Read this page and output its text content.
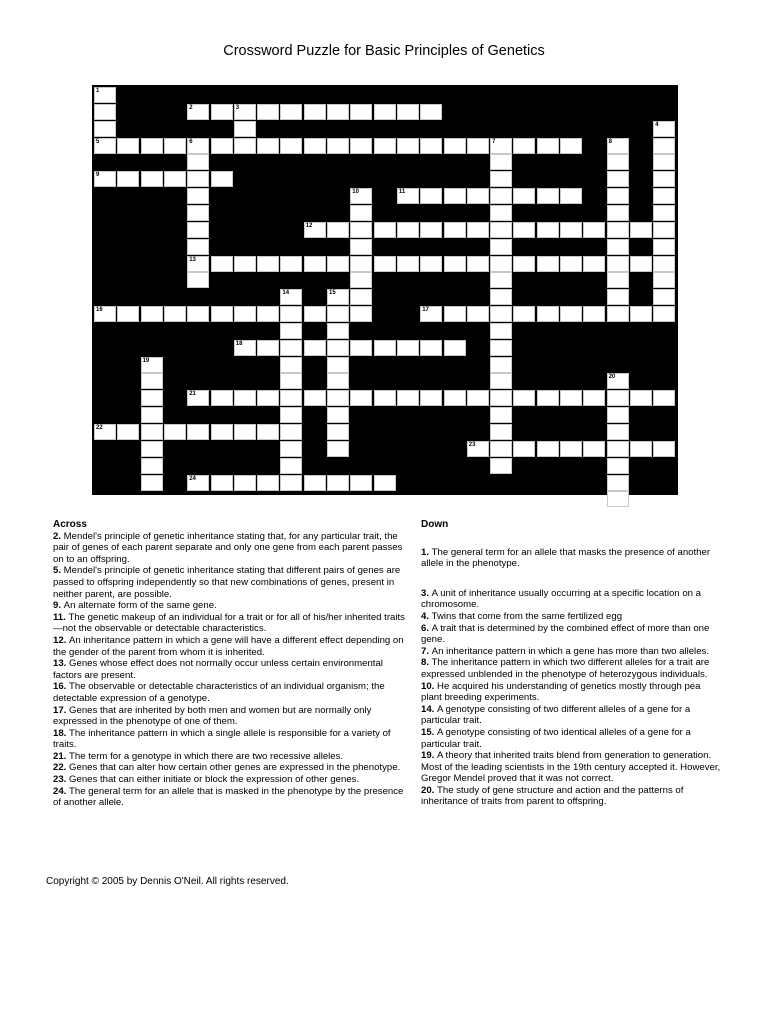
Crossword Puzzle for Basic Principles of Genetics
1
2	3
4
5	6	7
13
8
9
10	11
12
14	15
16	17
18
19
20
21
22
23
24
Across

2. Mendel's principle of genetic inheritance stating that, for any particular trait, the pair of genes of each parent separate and only one gene from each parent passes on to an offspring.

5. Mendel's principle of genetic inheritance stating that different pairs of genes are passed to offspring independently so that new combinations of genes, present in neither parent, are possible.

9. An alternate form of the same gene.

11. The genetic makeup of an individual for a trait or for all of his/her inherited traits—not the observable or detectable characteristics.

12. An inheritance pattern in which a gene will have a different effect depending on the gender of the parent from whom it is inherited.

13. Genes whose effect does not normally occur unless certain environmental factors are present.

16. The observable or detectable characteristics of an individual organism; the detectable expression of a genotype.

17. Genes that are inherited by both men and women but are normally only expressed in the phenotype of one of them.

18. The inheritance pattern in which a single allele is responsible for a variety of traits.

21. The term for a genotype in which there are two recessive alleles.

22. Genes that can alter how certain other genes are expressed in the phenotype.

23. Genes that can either initiate or block the expression of other genes.

24. The general term for an allele that is masked in the phenotype by the presence of another allele.

Down

1. The general term for an allele that masks the presence of another allele in the phenotype.

3. A unit of inheritance usually occurring at a specific location on a chromosome.

4. Twins that come from the same fertilized egg

6. A trait that is determined by the combined effect of more than one gene.

7. An inheritance pattern in which a gene has more than two alleles.

8. The inheritance pattern in which two different alleles for a trait are expressed unblended in the phenotype of heterozygous individuals.

10. He acquired his understanding of genetics mostly through pea plant breeding experiments.

14. A genotype consisting of two different alleles of a gene for a particular trait.

15. A genotype consisting of two identical alleles of a gene for a particular trait.

19. A theory that inherited traits blend from generation to generation. Most of the leading scientists in the 19th century accepted it. However, Gregor Mendel proved that it was not correct.

20. The study of gene structure and action and the patterns of inheritance of traits from parent to offspring.

Copyright © 2005 by Dennis O'Neil. All rights reserved.
